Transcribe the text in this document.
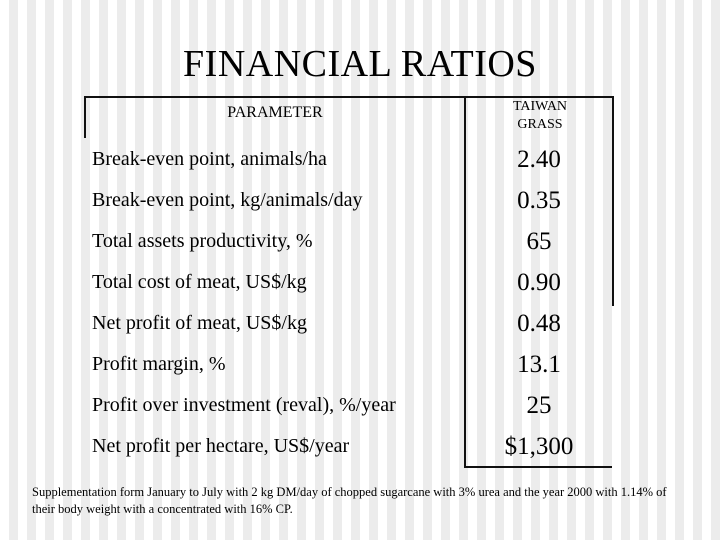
FINANCIAL RATIOS
PARAMETER	TAIWAN
GRASS
Break-even point, animals/ha	2.40
Break-even point, kg/animals/day	0.35
Total assets productivity, %	65
Total cost of meat, US$/kg	0.90
Net profit of meat, US$/kg	0.48
Profit margin, %	13.1
Profit over investment (reval), %/year	25
Net profit per hectare, US$/year	$1,300
Supplementation form January to July with 2 kg DM/day of chopped sugarcane with 3% urea and the year 2000 with 1.14% of their body weight with a concentrated with 16% CP.
